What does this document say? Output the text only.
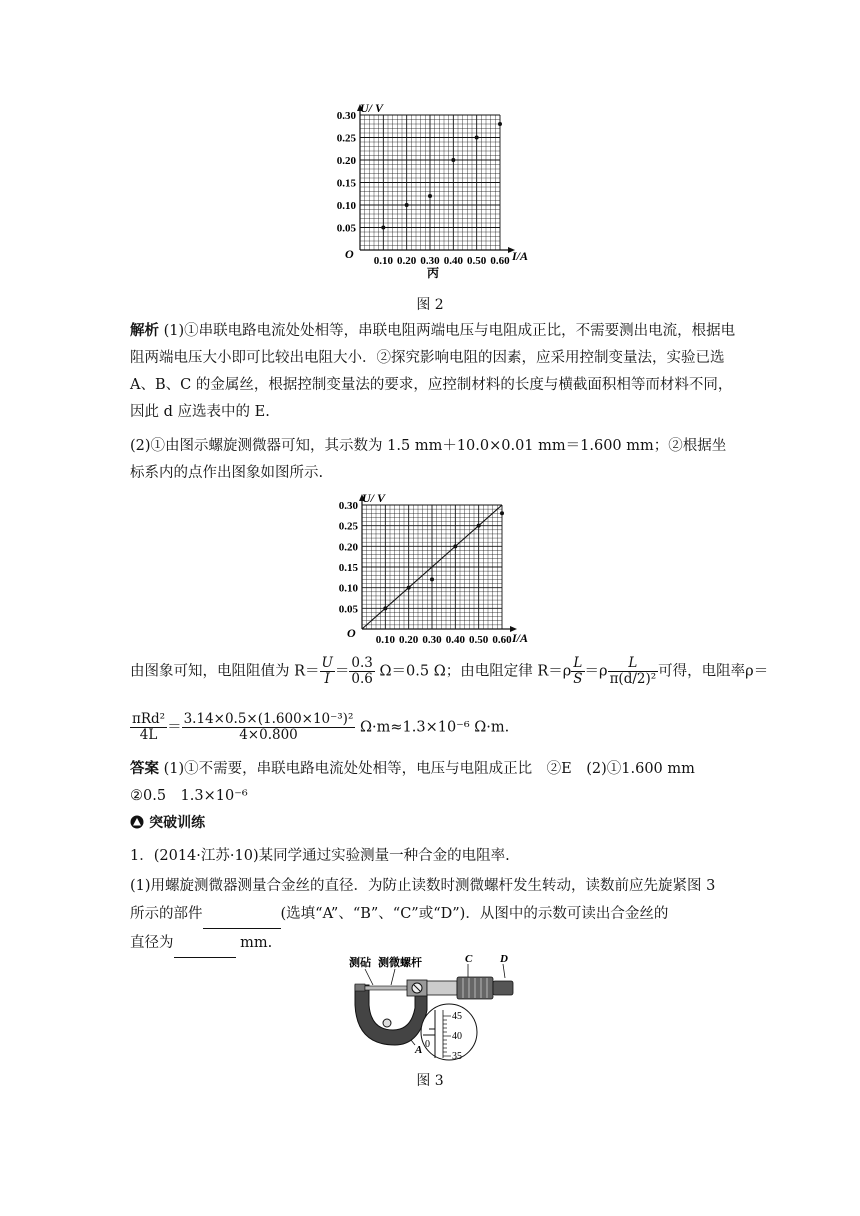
0.05
0.10
0.15
0.20
0.25
0.30
0.10 0.20 0.30 0.40 0.50 0.60
U/ V
I/A
O
丙
图 2
解析 (1)①串联电路电流处处相等，串联电阻两端电压与电阻成正比，不需要测出电流，根据电阻两端电压大小即可比较出电阻大小．②探究影响电阻的因素，应采用控制变量法，实验已选 A、B、C 的金属丝，根据控制变量法的要求，应控制材料的长度与横截面积相等而材料不同，因此 d 应选表中的 E.
(2)①由图示螺旋测微器可知，其示数为 1.5 mm＋10.0×0.01 mm＝1.600 mm；②根据坐标系内的点作出图象如图所示.
0.05
0.10
0.15
0.20
0.25
0.30
0.10 0.20 0.30 0.40 0.50 0.60
U/ V
I/A
O
由图象可知，电阻阻值为 $R= \frac{U}{I} = \frac{0.3}{0.6} \Omega=0.5$ Ω；由电阻定律 $R=\rho \frac{L}{S} =\rho \frac{L}{\text{π(d/2)²}}$ 可得，电阻率ρ＝
$\frac{\text{πRd²}}{4L} = \frac{\text{3.14×0.5×(1.600×10⁻³)²}}{4\times 0.800} \Omega\cdot m\approx 1.3\times 10^{-6}$ Ω·m.
答案 (1)①不需要，串联电路电流处处相等，电压与电阻成正比　②E　(2)①1.600 mm
②0.5　1.3×10⁻⁶
突破训练
1．(2014·江苏·10)某同学通过实验测量一种合金的电阻率.
(1)用螺旋测微器测量合金丝的直径．为防止读数时测微螺杆发生转动，读数前应先旋紧图 3
所示的部件	(选填“A”、“B”、“C”或“D”)．从图中的示数可读出合金丝的
直径为	mm.
测砧 测微螺杆	C	D
A
45
40
35
0
图 3
